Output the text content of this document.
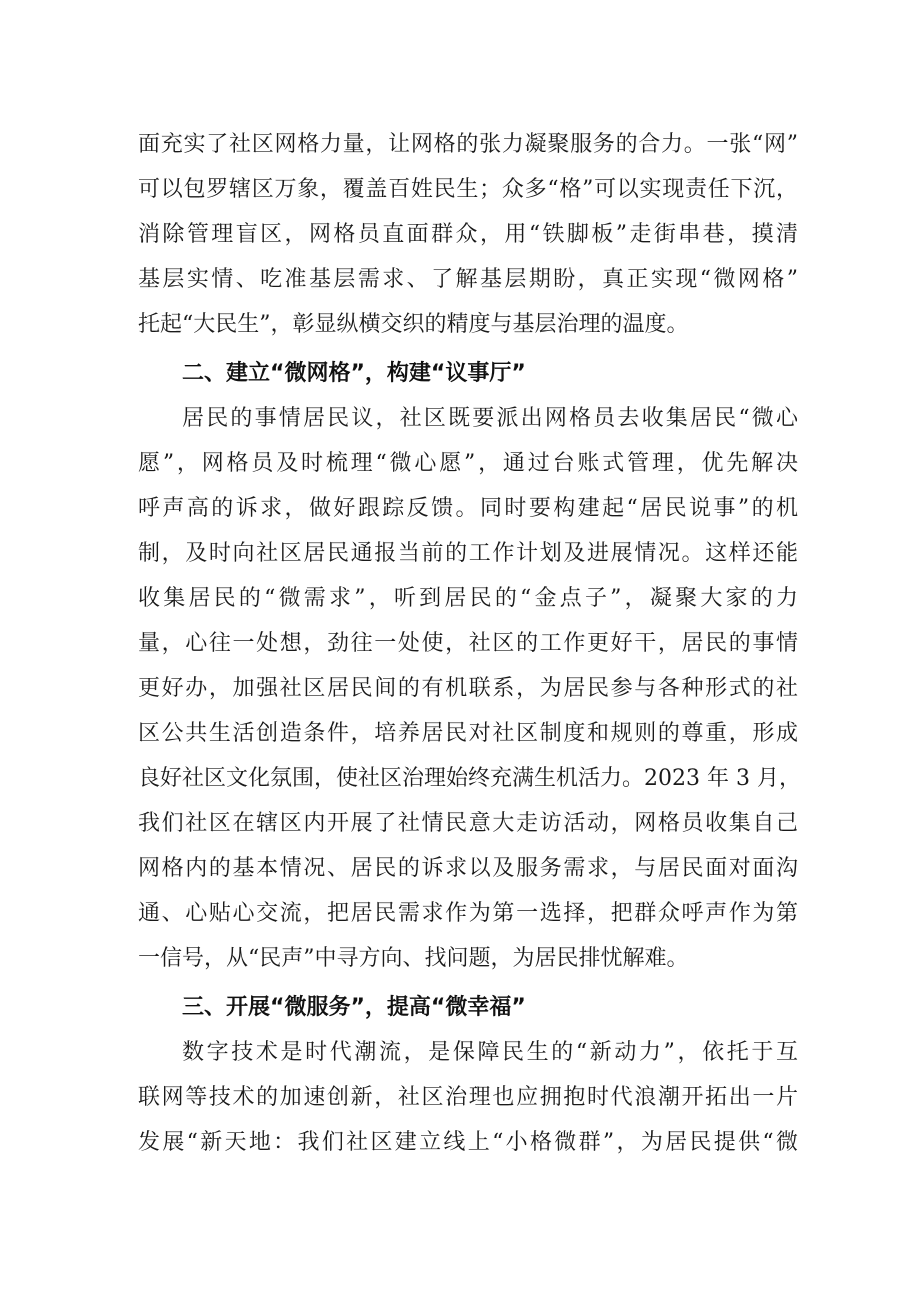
面充实了社区网格力量，让网格的张力凝聚服务的合力。一张“网”
可以包罗辖区万象，覆盖百姓民生；众多“格”可以实现责任下沉，
消除管理盲区，网格员直面群众，用“铁脚板”走街串巷，摸清
基层实情、吃准基层需求、了解基层期盼，真正实现“微网格”
托起“大民生”，彰显纵横交织的精度与基层治理的温度。
二、建立“微网格”，构建“议事厅”
居民的事情居民议，社区既要派出网格员去收集居民“微心
愿”，网格员及时梳理“微心愿”，通过台账式管理，优先解决
呼声高的诉求，做好跟踪反馈。同时要构建起“居民说事”的机
制，及时向社区居民通报当前的工作计划及进展情况。这样还能
收集居民的“微需求”，听到居民的“金点子”，凝聚大家的力
量，心往一处想，劲往一处使，社区的工作更好干，居民的事情
更好办，加强社区居民间的有机联系，为居民参与各种形式的社
区公共生活创造条件，培养居民对社区制度和规则的尊重，形成
良好社区文化氛围，使社区治理始终充满生机活力。2023 年 3 月，
我们社区在辖区内开展了社情民意大走访活动，网格员收集自己
网格内的基本情况、居民的诉求以及服务需求，与居民面对面沟
通、心贴心交流，把居民需求作为第一选择，把群众呼声作为第
一信号，从“民声”中寻方向、找问题，为居民排忧解难。
三、开展“微服务”，提高“微幸福”
数字技术是时代潮流，是保障民生的“新动力”，依托于互
联网等技术的加速创新，社区治理也应拥抱时代浪潮开拓出一片
发展“新天地：我们社区建立线上“小格微群”，为居民提供“微
